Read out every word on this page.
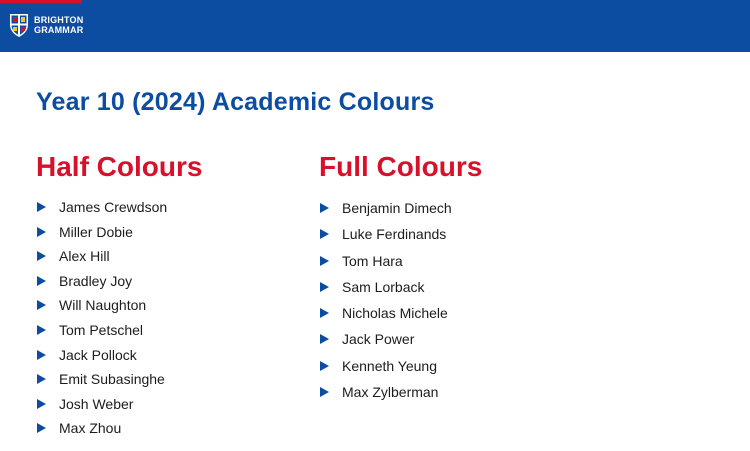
BRIGHTON
GRAMMAR
Year 10 (2024) Academic Colours
Half Colours
James Crewdson
Miller Dobie
Alex Hill
Bradley Joy
Will Naughton
Tom Petschel
Jack Pollock
Emit Subasinghe
Josh Weber
Max Zhou
Full Colours
Benjamin Dimech
Luke Ferdinands
Tom Hara
Sam Lorback
Nicholas Michele
Jack Power
Kenneth Yeung
Max Zylberman
